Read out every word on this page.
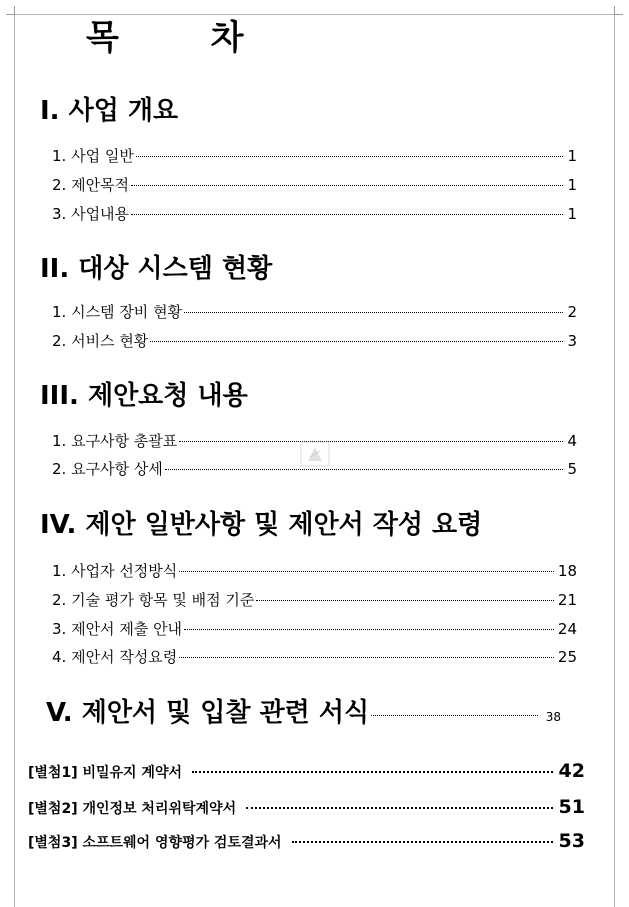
목 차
I. 사업 개요
1. 사업 일반	1
2. 제안목적	1
3. 사업내용	1
II. 대상 시스템 현황
1. 시스템 장비 현황	2
2. 서비스 현황	3
III. 제안요청 내용
1. 요구사항 총괄표	4
2. 요구사항 상세	5
IV. 제안 일반사항 및 제안서 작성 요령
1. 사업자 선정방식	18
2. 기술 평가 항목 및 배점 기준	21
3. 제안서 제출 안내	24
4. 제안서 작성요령	25
V. 제안서 및 입찰 관련 서식	38
[별첨1] 비밀유지 계약서	42
[별첨2] 개인정보 처리위탁계약서	51
[별첨3] 소프트웨어 영향평가 검토결과서	53
